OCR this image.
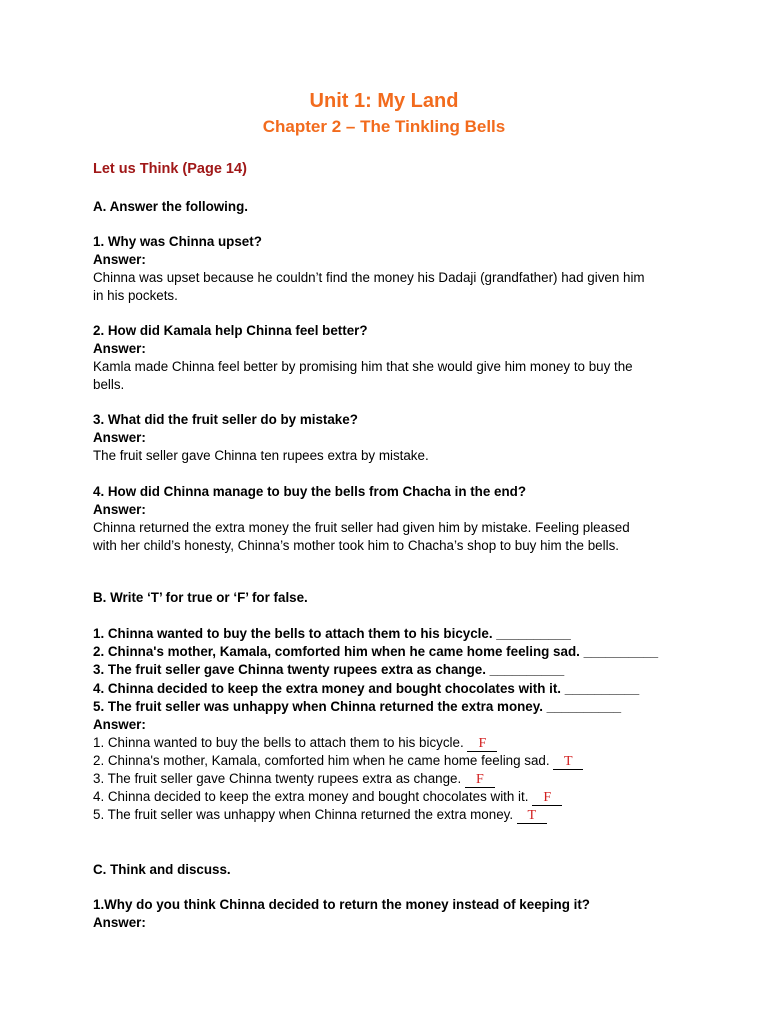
Unit 1: My Land
Chapter 2 – The Tinkling Bells
Let us Think (Page 14)
A. Answer the following.
1. Why was Chinna upset?
Answer:
Chinna was upset because he couldn’t find the money his Dadaji (grandfather) had given him
in his pockets.
2. How did Kamala help Chinna feel better?
Answer:
Kamla made Chinna feel better by promising him that she would give him money to buy the
bells.
3. What did the fruit seller do by mistake?
Answer:
The fruit seller gave Chinna ten rupees extra by mistake.
4. How did Chinna manage to buy the bells from Chacha in the end?
Answer:
Chinna returned the extra money the fruit seller had given him by mistake. Feeling pleased
with her child’s honesty, Chinna’s mother took him to Chacha’s shop to buy him the bells.
B. Write ‘T’ for true or ‘F’ for false.
1. Chinna wanted to buy the bells to attach them to his bicycle. __________
2. Chinna's mother, Kamala, comforted him when he came home feeling sad. __________
3. The fruit seller gave Chinna twenty rupees extra as change. __________
4. Chinna decided to keep the extra money and bought chocolates with it. __________
5. The fruit seller was unhappy when Chinna returned the extra money. __________
Answer:
1. Chinna wanted to buy the bells to attach them to his bicycle. F
2. Chinna's mother, Kamala, comforted him when he came home feeling sad. T
3. The fruit seller gave Chinna twenty rupees extra as change. F
4. Chinna decided to keep the extra money and bought chocolates with it. F
5. The fruit seller was unhappy when Chinna returned the extra money. T
C. Think and discuss.
1.Why do you think Chinna decided to return the money instead of keeping it?
Answer:
